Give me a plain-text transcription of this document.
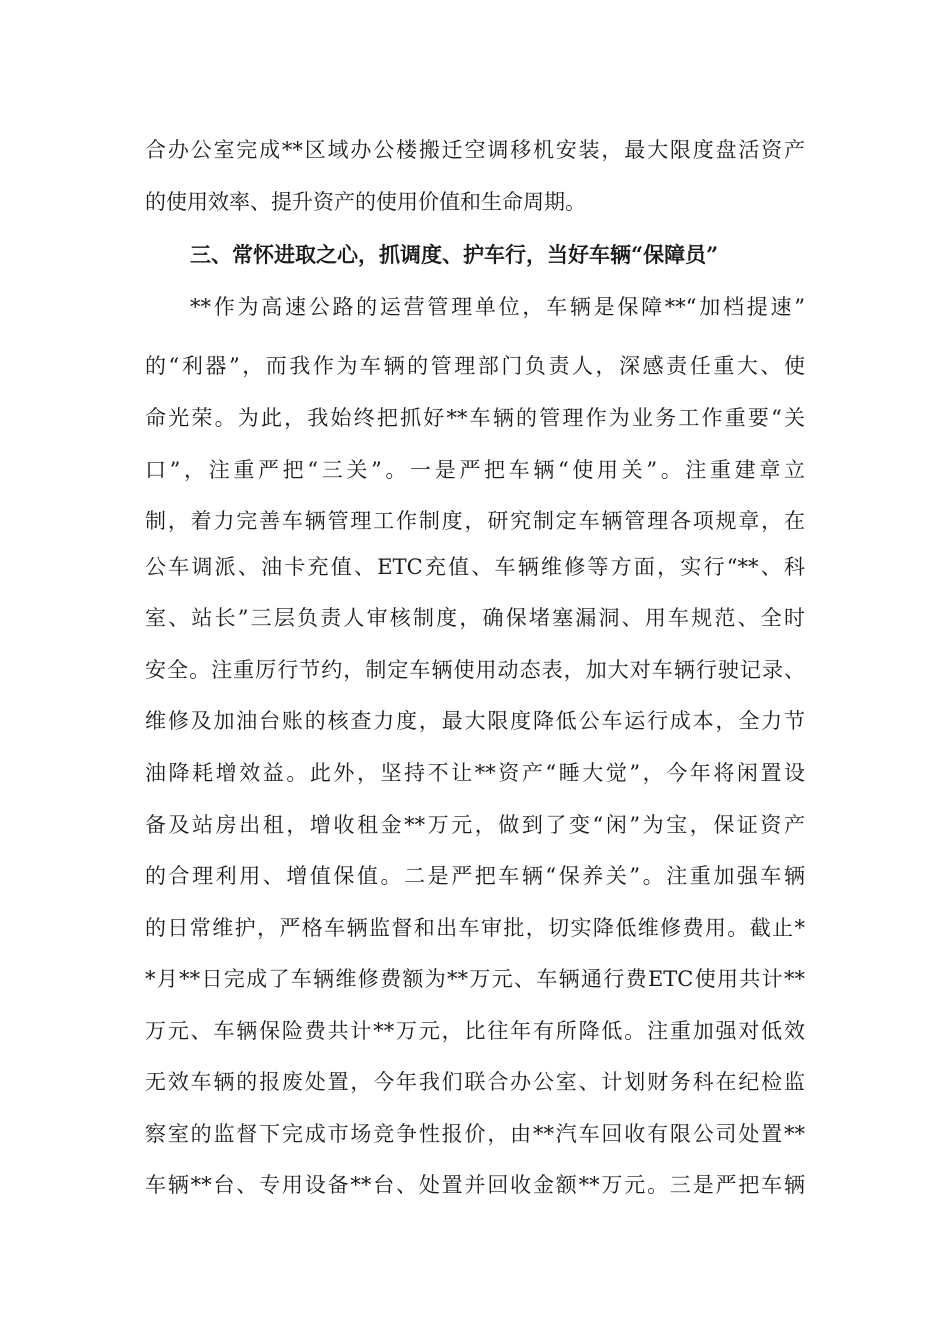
合办公室完成**区域办公楼搬迁空调移机安装，最大限度盘活资产
的使用效率、提升资产的使用价值和生命周期。
三、常怀进取之心，抓调度、护车行，当好车辆“保障员”
**作为高速公路的运营管理单位，车辆是保障**“加档提速”
的“利器”，而我作为车辆的管理部门负责人，深感责任重大、使
命光荣。为此，我始终把抓好**车辆的管理作为业务工作重要“关
口”，注重严把“三关”。一是严把车辆“使用关”。注重建章立
制，着力完善车辆管理工作制度，研究制定车辆管理各项规章，在
公车调派、油卡充值、ETC充值、车辆维修等方面，实行“**、科
室、站长”三层负责人审核制度，确保堵塞漏洞、用车规范、全时
安全。注重厉行节约，制定车辆使用动态表，加大对车辆行驶记录、
维修及加油台账的核查力度，最大限度降低公车运行成本，全力节
油降耗增效益。此外，坚持不让**资产“睡大觉”，今年将闲置设
备及站房出租，增收租金**万元，做到了变“闲”为宝，保证资产
的合理利用、增值保值。二是严把车辆“保养关”。注重加强车辆
的日常维护，严格车辆监督和出车审批，切实降低维修费用。截止*
*月**日完成了车辆维修费额为**万元、车辆通行费ETC使用共计**
万元、车辆保险费共计**万元，比往年有所降低。注重加强对低效
无效车辆的报废处置，今年我们联合办公室、计划财务科在纪检监
察室的监督下完成市场竞争性报价，由**汽车回收有限公司处置**
车辆**台、专用设备**台、处置并回收金额**万元。三是严把车辆
